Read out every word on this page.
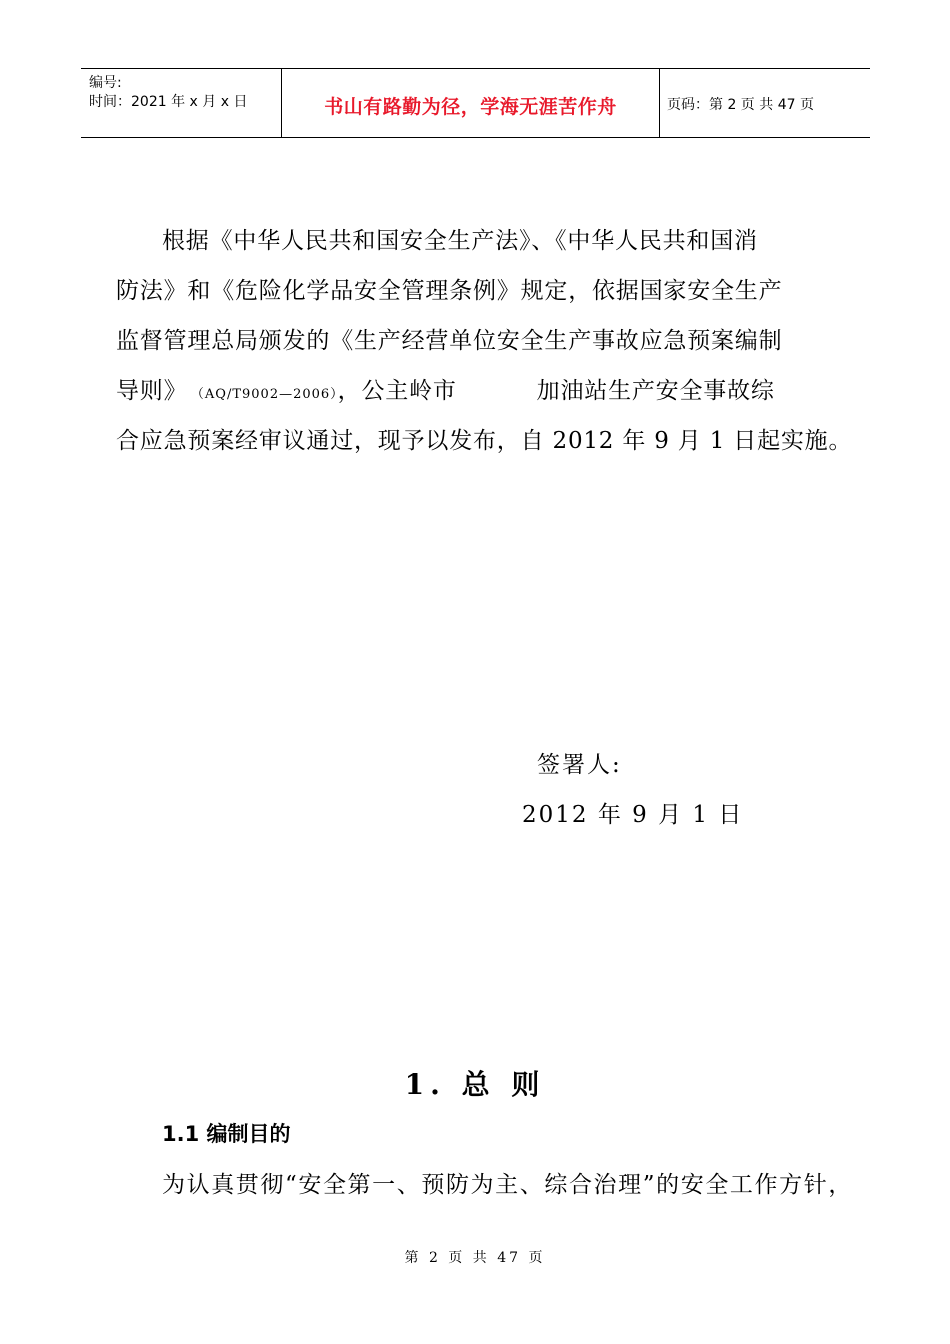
编号:
时间：2021 年 x 月 x 日	书山有路勤为径，学海无涯苦作舟	页码：第 2 页 共 47 页
根据《中华人民共和国安全生产法》、《中华人民共和国消
防法》和《危险化学品安全管理条例》规定，依据国家安全生产
监督管理总局颁发的《生产经营单位安全生产事故应急预案编制
导则》 （AQ/T9002—2006），公主岭市	加油站生产安全事故综
合应急预案经审议通过，现予以发布，自 2012 年 9 月 1 日起实施。
签署人:
2012 年 9 月 1 日
1. 总 则
1.1 编制目的
为认真贯彻“安全第一、预防为主、综合治理”的安全工作方针，
第 2 页 共 47 页
